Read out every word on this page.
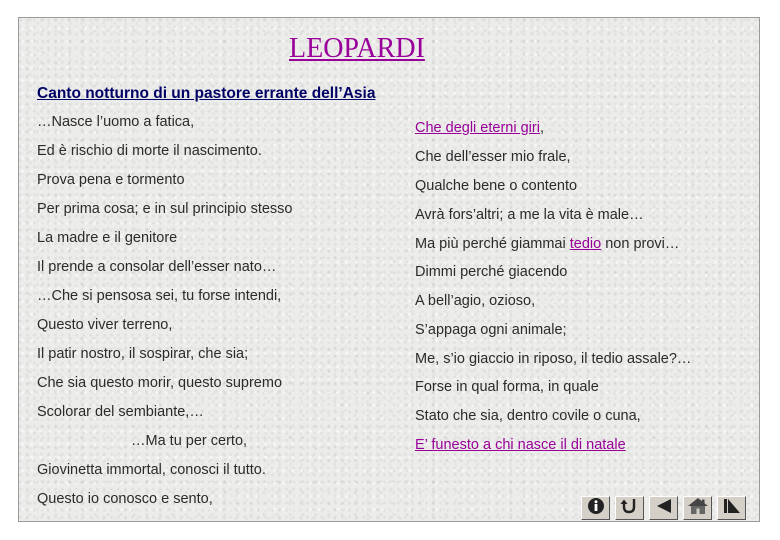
LEOPARDI
Canto notturno di un pastore errante dell’Asia
…Nasce l’uomo a fatica,
Ed è rischio di morte il nascimento.
Prova pena e tormento
Per prima cosa; e in sul principio stesso
La madre e il genitore
Il prende a consolar dell’esser nato…
…Che si pensosa sei, tu forse intendi,
Questo viver terreno,
Il patir nostro, il sospirar, che sia;
Che sia questo morir, questo supremo
Scolorar del sembiante,…
…Ma tu per certo,
Giovinetta immortal, conosci il tutto.
Questo io conosco e sento,
Che degli eterni giri,
Che dell’esser mio frale,
Qualche bene o contento
Avrà fors’altri; a me la vita è male…
Ma più perché giammai tedio non provi…
Dimmi perché giacendo
A bell’agio, ozioso,
S’appaga ogni animale;
Me, s’io giaccio in riposo, il tedio assale?…
Forse in qual forma, in quale
Stato che sia, dentro covile o cuna,
E’ funesto a chi nasce il di natale
